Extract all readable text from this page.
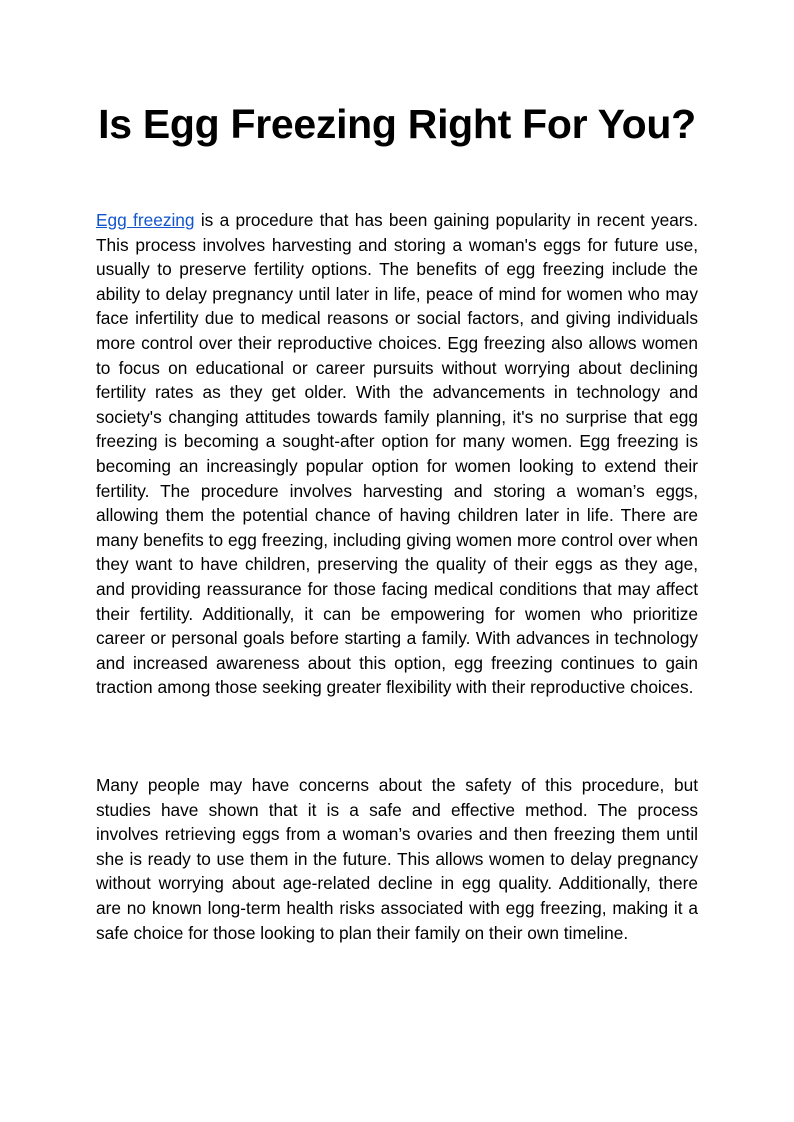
Is Egg Freezing Right For You?

Egg freezing is a procedure that has been gaining popularity in recent years. This process involves harvesting and storing a woman's eggs for future use, usually to preserve fertility options. The benefits of egg freezing include the ability to delay pregnancy until later in life, peace of mind for women who may face infertility due to medical reasons or social factors, and giving individuals more control over their reproductive choices. Egg freezing also allows women to focus on educational or career pursuits without worrying about declining fertility rates as they get older. With the advancements in technology and society's changing attitudes towards family planning, it's no surprise that egg freezing is becoming a sought-after option for many women. Egg freezing is becoming an increasingly popular option for women looking to extend their fertility. The procedure involves harvesting and storing a woman’s eggs, allowing them the potential chance of having children later in life. There are many benefits to egg freezing, including giving women more control over when they want to have children, preserving the quality of their eggs as they age, and providing reassurance for those facing medical conditions that may affect their fertility. Additionally, it can be empowering for women who prioritize career or personal goals before starting a family. With advances in technology and increased awareness about this option, egg freezing continues to gain traction among those seeking greater flexibility with their reproductive choices.

Many people may have concerns about the safety of this procedure, but studies have shown that it is a safe and effective method. The process involves retrieving eggs from a woman’s ovaries and then freezing them until she is ready to use them in the future. This allows women to delay pregnancy without worrying about age-related decline in egg quality. Additionally, there are no known long-term health risks associated with egg freezing, making it a safe choice for those looking to plan their family on their own timeline.
